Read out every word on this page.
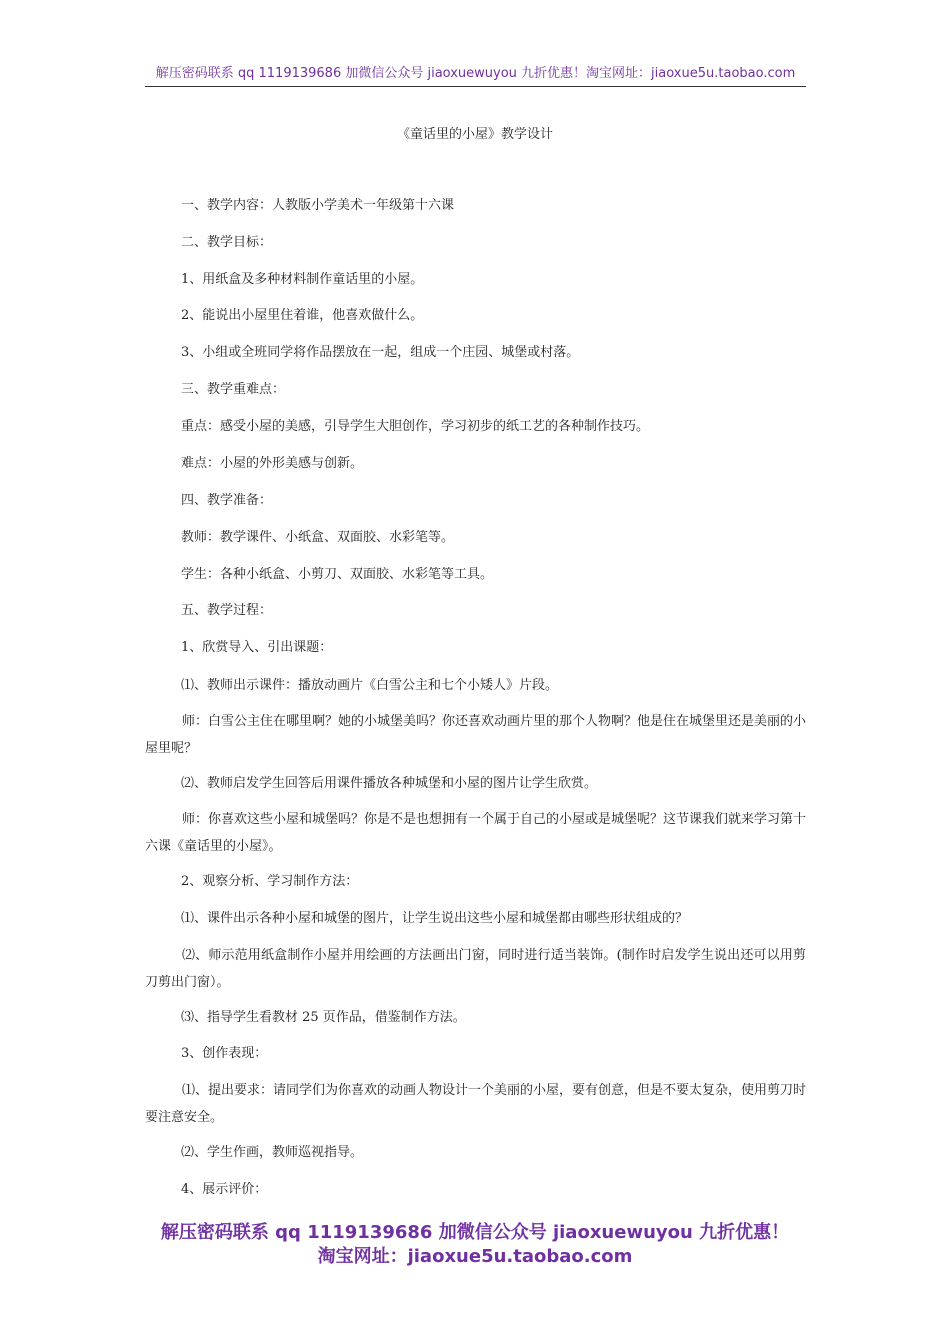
解压密码联系 qq 1119139686 加微信公众号 jiaoxuewuyou 九折优惠！淘宝网址：jiaoxue5u.taobao.com
《童话里的小屋》教学设计
一、教学内容：人教版小学美术一年级第十六课
二、教学目标：
1、用纸盒及多种材料制作童话里的小屋。
2、能说出小屋里住着谁，他喜欢做什么。
3、小组或全班同学将作品摆放在一起，组成一个庄园、城堡或村落。
三、教学重难点：
重点：感受小屋的美感，引导学生大胆创作，学习初步的纸工艺的各种制作技巧。
难点：小屋的外形美感与创新。
四、教学准备：
教师：教学课件、小纸盒、双面胶、水彩笔等。
学生：各种小纸盒、小剪刀、双面胶、水彩笔等工具。
五、教学过程：
1、欣赏导入、引出课题：
⑴、教师出示课件：播放动画片《白雪公主和七个小矮人》片段。
师：白雪公主住在哪里啊？她的小城堡美吗？你还喜欢动画片里的那个人物啊？他是住在城堡里还是美丽的小屋里呢？
⑵、教师启发学生回答后用课件播放各种城堡和小屋的图片让学生欣赏。
师：你喜欢这些小屋和城堡吗？你是不是也想拥有一个属于自己的小屋或是城堡呢？这节课我们就来学习第十六课《童话里的小屋》。
2、观察分析、学习制作方法：
⑴、课件出示各种小屋和城堡的图片，让学生说出这些小屋和城堡都由哪些形状组成的？
⑵、师示范用纸盒制作小屋并用绘画的方法画出门窗，同时进行适当装饰。(制作时启发学生说出还可以用剪刀剪出门窗）。
⑶、指导学生看教材 25 页作品，借鉴制作方法。
3、创作表现：
⑴、提出要求：请同学们为你喜欢的动画人物设计一个美丽的小屋，要有创意，但是不要太复杂，使用剪刀时要注意安全。
⑵、学生作画，教师巡视指导。
4、展示评价：
解压密码联系 qq 1119139686 加微信公众号 jiaoxuewuyou 九折优惠！
淘宝网址：jiaoxue5u.taobao.com
